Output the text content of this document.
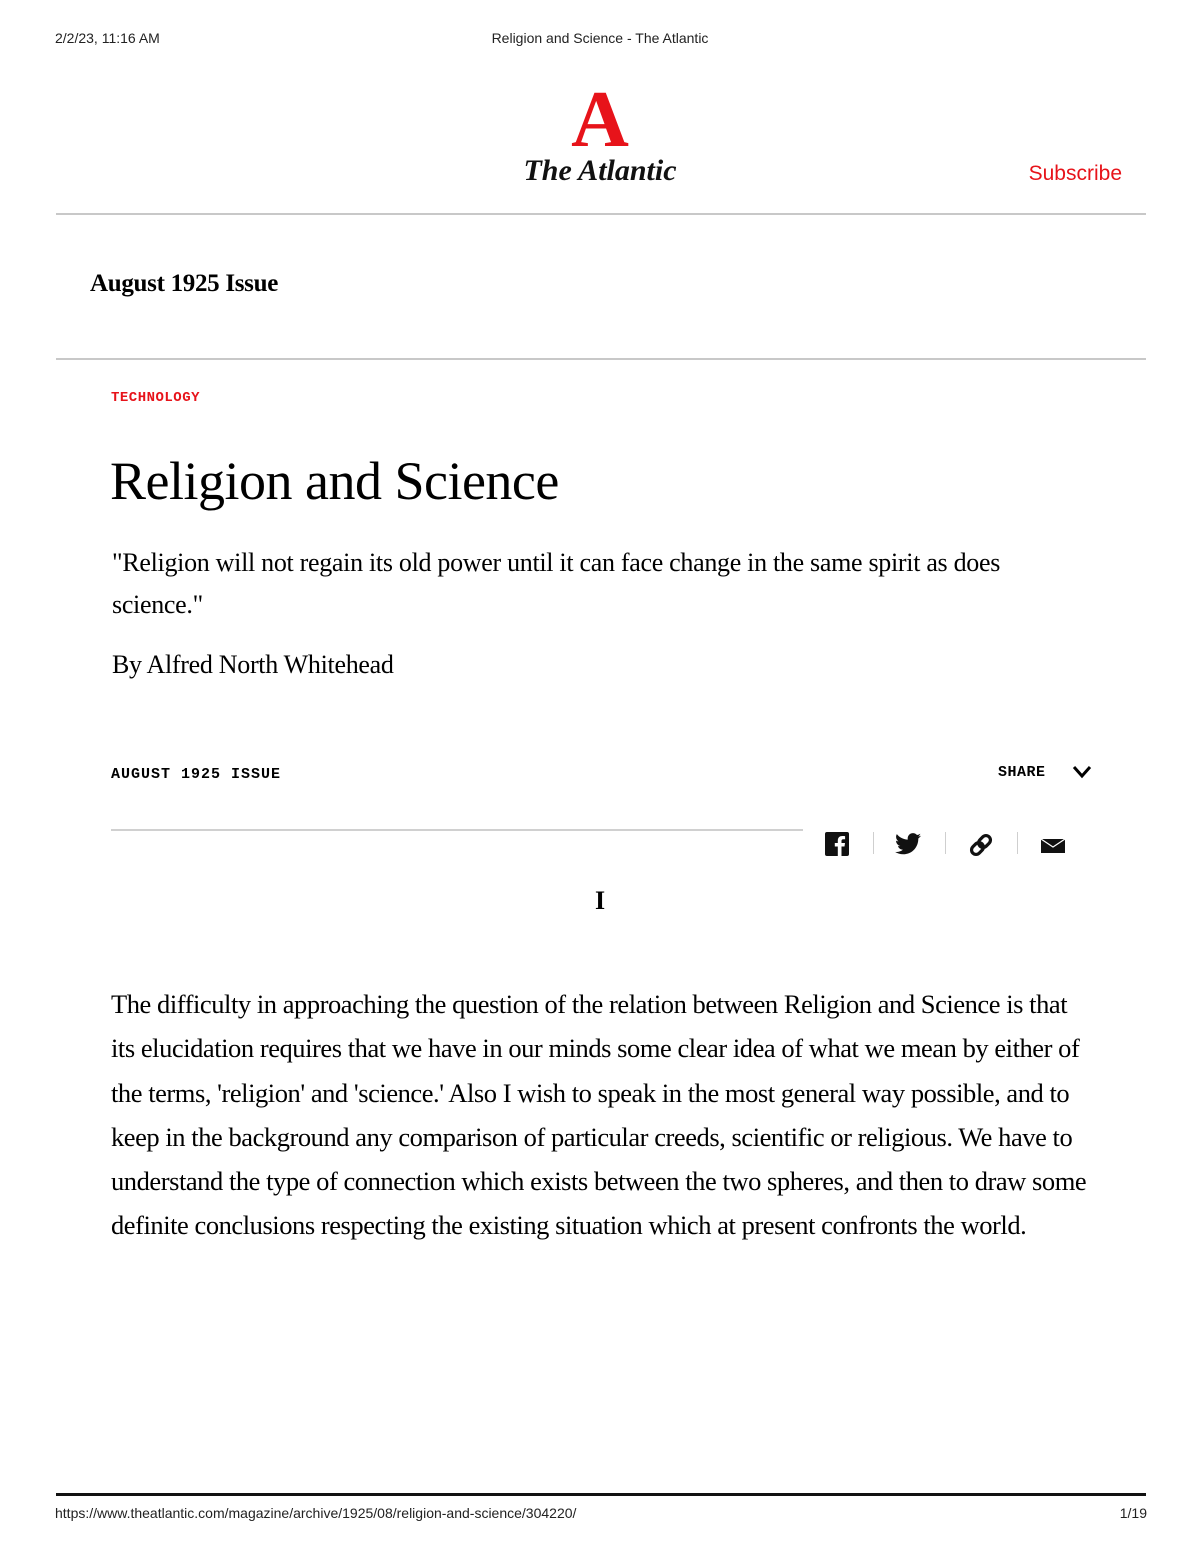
2/2/23, 11:16 AM	Religion and Science - The Atlantic
A
The Atlantic	Subscribe
August 1925 Issue
TECHNOLOGY
Religion and Science
"Religion will not regain its old power until it can face change in the same spirit as does science."
By Alfred North Whitehead
AUGUST 1925 ISSUE	SHARE
I

The difficulty in approaching the question of the relation between Religion and Science is that its elucidation requires that we have in our minds some clear idea of what we mean by either of the terms, 'religion' and 'science.' Also I wish to speak in the most general way possible, and to keep in the background any comparison of particular creeds, scientific or religious. We have to understand the type of connection which exists between the two spheres, and then to draw some definite conclusions respecting the existing situation which at present confronts the world.

https://www.theatlantic.com/magazine/archive/1925/08/religion-and-science/304220/	1/19
